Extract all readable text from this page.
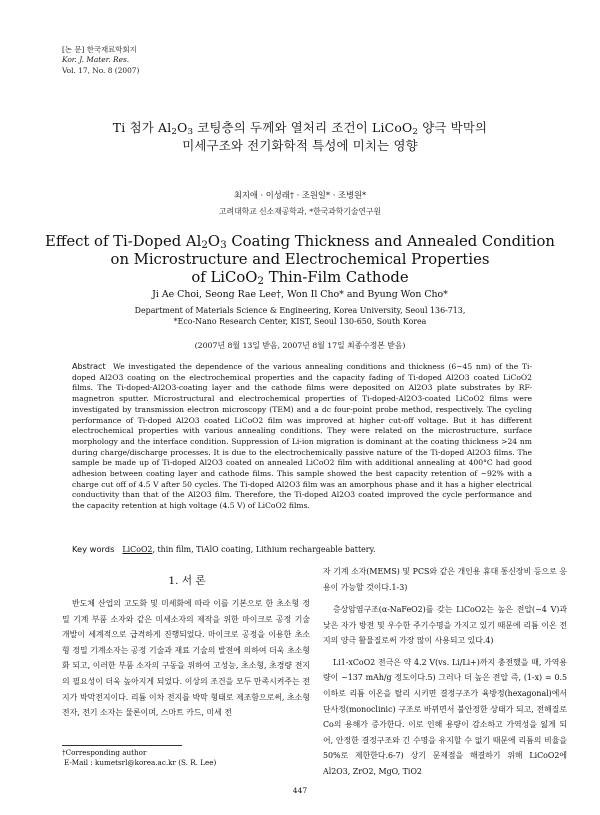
[논 문] 한국재료학회지
Kor. J. Mater. Res.
Vol. 17, No. 8 (2007)
Ti 첨가 $Al_2O_3$ 코팅층의 두께와 열처리 조건이 LiCoO$_2$ 양극 박막의
미세구조와 전기화학적 특성에 미치는 영향
최지애 · 이성래† · 조원일* · 조병원*
고려대학교 신소재공학과, *한국과학기술연구원
Effect of Ti-Doped $Al_2O_3$ Coating Thickness and Annealed Condition
on Microstructure and Electrochemical Properties
of LiCoO$_2$ Thin-Film Cathode
Ji Ae Choi, Seong Rae Lee†, Won Il Cho* and Byung Won Cho*
Department of Materials Science & Engineering, Korea University, Seoul 136-713,
*Eco-Nano Research Center, KIST, Seoul 130-650, South Korea
(2007년 8월 13일 받음, 2007년 8월 17일 최종수정본 받음)
Abstract We investigated the dependence of the various annealing conditions and thickness (6~45 nm) of the Ti-doped Al2O3 coating on the electrochemical properties and the capacity fading of Ti-doped Al2O3 coated LiCoO2 films. The Ti-doped-Al2O3-coating layer and the cathode films were deposited on Al2O3 plate substrates by RF-magnetron sputter. Microstructural and electrochemical properties of Ti-doped-Al2O3-coated LiCoO2 films were investigated by transmission electron microscopy (TEM) and a dc four-point probe method, respectively. The cycling performance of Ti-doped Al2O3 coated LiCoO2 film was improved at higher cut-off voltage. But it has different electrochemical properties with various annealing conditions. They were related on the microstructure, surface morphology and the interface condition. Suppression of Li-ion migration is dominant at the coating thickness >24 nm during charge/discharge processes. It is due to the electrochemically passive nature of the Ti-doped Al2O3 films. The sample be made up of Ti-doped Al2O3 coated on annealed LiCoO2 film with additional annealing at 400°C had good adhesion between coating layer and cathode films. This sample showed the best capacity retention of ~92% with a charge cut off of 4.5 V after 50 cycles. The Ti-doped Al2O3 film was an amorphous phase and it has a higher electrical conductivity than that of the Al2O3 film. Therefore, the Ti-doped Al2O3 coated improved the cycle performance and the capacity retention at high voltage (4.5 V) of LiCoO2 films.
Key words LiCoO2, thin film, TiAlO coating, Lithium rechargeable battery.
1. 서 론
반도체 산업의 고도화 및 미세화에 따라 이를 기본으로 한 초소형 정밀 기계 부품 소자와 같은 미세소자의 제작을 위한 마이크로 공정 기술 개발이 세계적으로 급격하게 진행되었다. 마이크로 공정을 이용한 초소형 정밀 기계소자는 공정 기술과 재료 기술의 발전에 의하여 더욱 초소형화 되고, 이러한 부품 소자의 구동을 위하여 고성능, 초소형, 초경량 전지의 필요성이 더욱 높아지게 되었다. 이상의 조건을 모두 만족시켜주는 전지가 박막전지이다. 리튬 이차 전지를 박막 형태로 제조함으로써, 초소형 전자, 전기 소자는 물론이며, 스마트 카드, 미세 전
자 기계 소자(MEMS) 및 PCS와 같은 개인용 휴대 통신장비 등으로 응용이 가능할 것이다.1-3)

층상암염구조(α-NaFeO2)를 갖는 LiCoO2는 높은 전압(~4 V)과 낮은 자가 방전 및 우수한 주기수명을 가지고 있기 때문에 리튬 이온 전지의 양극 활물질로써 가장 많이 사용되고 있다.4)

Li1-xCoO2 전극은 약 4.2 V(vs. Li/Li+)까지 충전했을 때, 가역용량이 ~137 mAh/g 정도이다.5) 그러나 더 높은 전압 즉, (1-x) = 0.5 이하로 리튬 이온을 탈리 시키면 결정구조가 육방정(hexagonal)에서 단사정(monoclinic) 구조로 바뀌면서 불안정한 상태가 되고, 전해질로 Co의 용해가 증가한다. 이로 인해 용량이 감소하고 가역성을 잃게 되어, 안정한 결정구조와 긴 수명을 유지할 수 없기 때문에 리튬의 비율을 50%로 제한한다.6-7) 상기 문제점을 해결하기 위해 LiCoO2에 Al2O3, ZrO2, MgO, TiO2

†Corresponding author
E-Mail : kumetsrl@korea.ac.kr (S. R. Lee)
447
